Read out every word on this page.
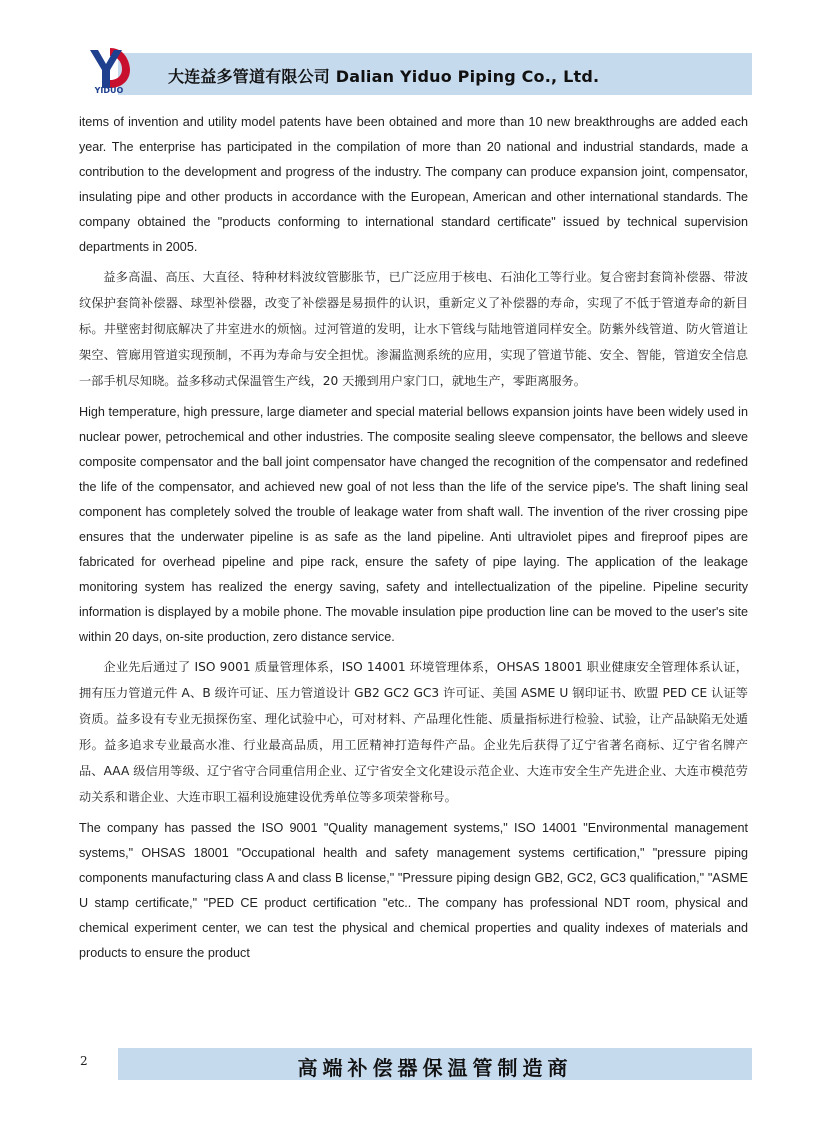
YIDUO
大连益多管道有限公司 Dalian Yiduo Piping Co., Ltd.

items of invention and utility model patents have been obtained and more than 10 new breakthroughs are added each year. The enterprise has participated in the compilation of more than 20 national and industrial standards, made a contribution to the development and progress of the industry. The company can produce expansion joint, compensator, insulating pipe and other products in accordance with the European, American and other international standards. The company obtained the "products conforming to international standard certificate" issued by technical supervision departments in 2005.

益多高温、高压、大直径、特种材料波纹管膨胀节，已广泛应用于核电、石油化工等行业。复合密封套筒补偿器、带波纹保护套筒补偿器、球型补偿器，改变了补偿器是易损件的认识，重新定义了补偿器的寿命，实现了不低于管道寿命的新目标。井壁密封彻底解决了井室进水的烦恼。过河管道的发明，让水下管线与陆地管道同样安全。防紫外线管道、防火管道让架空、管廊用管道实现预制，不再为寿命与安全担忧。渗漏监测系统的应用，实现了管道节能、安全、智能，管道安全信息一部手机尽知晓。益多移动式保温管生产线，20 天搬到用户家门口，就地生产，零距离服务。

High temperature, high pressure, large diameter and special material bellows expansion joints have been widely used in nuclear power, petrochemical and other industries. The composite sealing sleeve compensator, the bellows and sleeve composite compensator and the ball joint compensator have changed the recognition of the compensator and redefined the life of the compensator, and achieved new goal of not less than the life of the service pipe's. The shaft lining seal component has completely solved the trouble of leakage water from shaft wall. The invention of the river crossing pipe ensures that the underwater pipeline is as safe as the land pipeline. Anti ultraviolet pipes and fireproof pipes are fabricated for overhead pipeline and pipe rack, ensure the safety of pipe laying. The application of the leakage monitoring system has realized the energy saving, safety and intellectualization of the pipeline. Pipeline security information is displayed by a mobile phone. The movable insulation pipe production line can be moved to the user's site within 20 days, on-site production, zero distance service.

企业先后通过了 ISO 9001 质量管理体系，ISO 14001 环境管理体系，OHSAS 18001 职业健康安全管理体系认证，拥有压力管道元件 A、B 级许可证、压力管道设计 GB2 GC2 GC3 许可证、美国 ASME U 钢印证书、欧盟 PED CE 认证等资质。益多设有专业无损探伤室、理化试验中心，可对材料、产品理化性能、质量指标进行检验、试验，让产品缺陷无处遁形。益多追求专业最高水准、行业最高品质，用工匠精神打造每件产品。企业先后获得了辽宁省著名商标、辽宁省名牌产品、AAA 级信用等级、辽宁省守合同重信用企业、辽宁省安全文化建设示范企业、大连市安全生产先进企业、大连市模范劳动关系和谐企业、大连市职工福利设施建设优秀单位等多项荣誉称号。

The company has passed the ISO 9001 "Quality management systems," ISO 14001 "Environmental management systems," OHSAS 18001 "Occupational health and safety management systems certification," "pressure piping components manufacturing class A and class B license," "Pressure piping design GB2, GC2, GC3 qualification," "ASME U stamp certificate," "PED CE product certification "etc.. The company has professional NDT room, physical and chemical experiment center, we can test the physical and chemical properties and quality indexes of materials and products to ensure the product

2	高端补偿器保温管制造商
